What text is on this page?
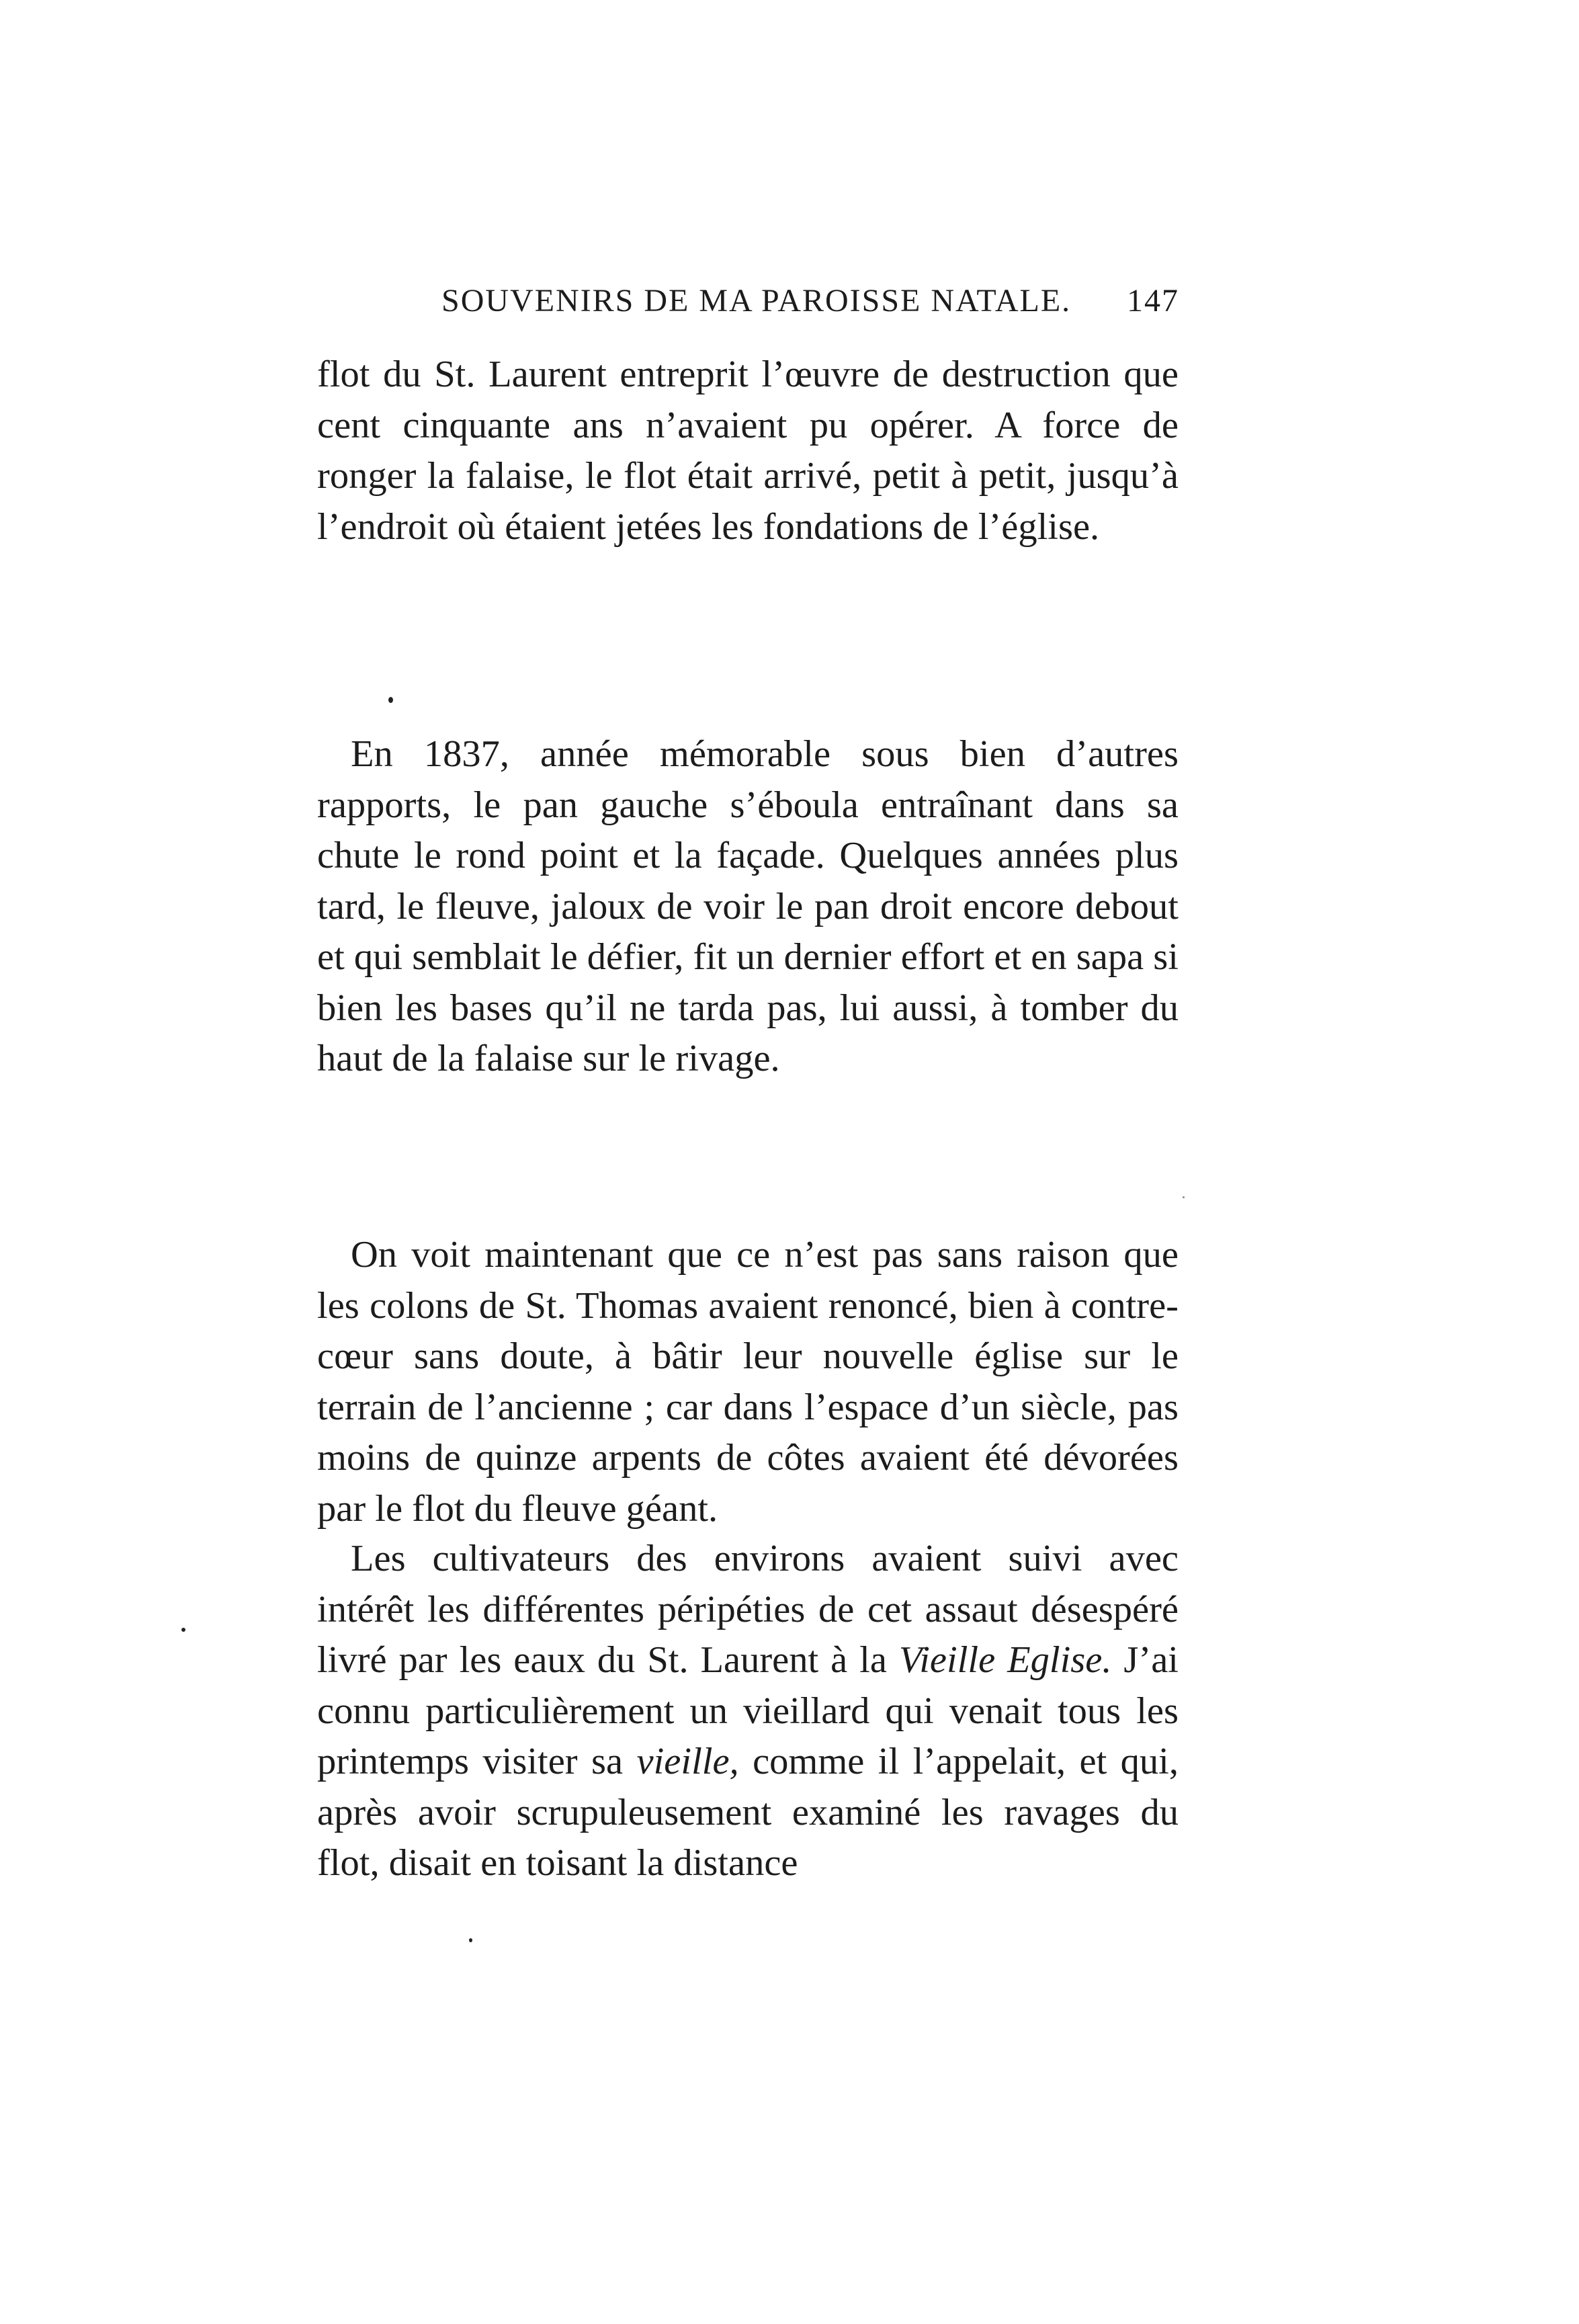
SOUVENIRS DE MA PAROISSE NATALE. 147

flot du St. Laurent entreprit l’œuvre de destruction que cent cinquante ans n’avaient pu opérer. A force de ronger la falaise, le flot était arrivé, petit à petit, jusqu’à l’endroit où étaient jetées les fondations de l’église.

En 1837, année mémorable sous bien d’autres rapports, le pan gauche s’éboula entraînant dans sa chute le rond point et la façade. Quelques années plus tard, le fleuve, jaloux de voir le pan droit encore debout et qui semblait le défier, fit un dernier effort et en sapa si bien les bases qu’il ne tarda pas, lui aussi, à tomber du haut de la falaise sur le rivage.

On voit maintenant que ce n’est pas sans raison que les colons de St. Thomas avaient renoncé, bien à contre-cœur sans doute, à bâtir leur nouvelle église sur le terrain de l’ancienne ; car dans l’espace d’un siècle, pas moins de quinze arpents de côtes avaient été dévorées par le flot du fleuve géant.

Les cultivateurs des environs avaient suivi avec intérêt les différentes péripéties de cet assaut désespéré livré par les eaux du St. Laurent à la Vieille Eglise. J’ai connu particulièrement un vieillard qui venait tous les printemps visiter sa vieille, comme il l’appelait, et qui, après avoir scrupuleusement examiné les ravages du flot, disait en toisant la distance
